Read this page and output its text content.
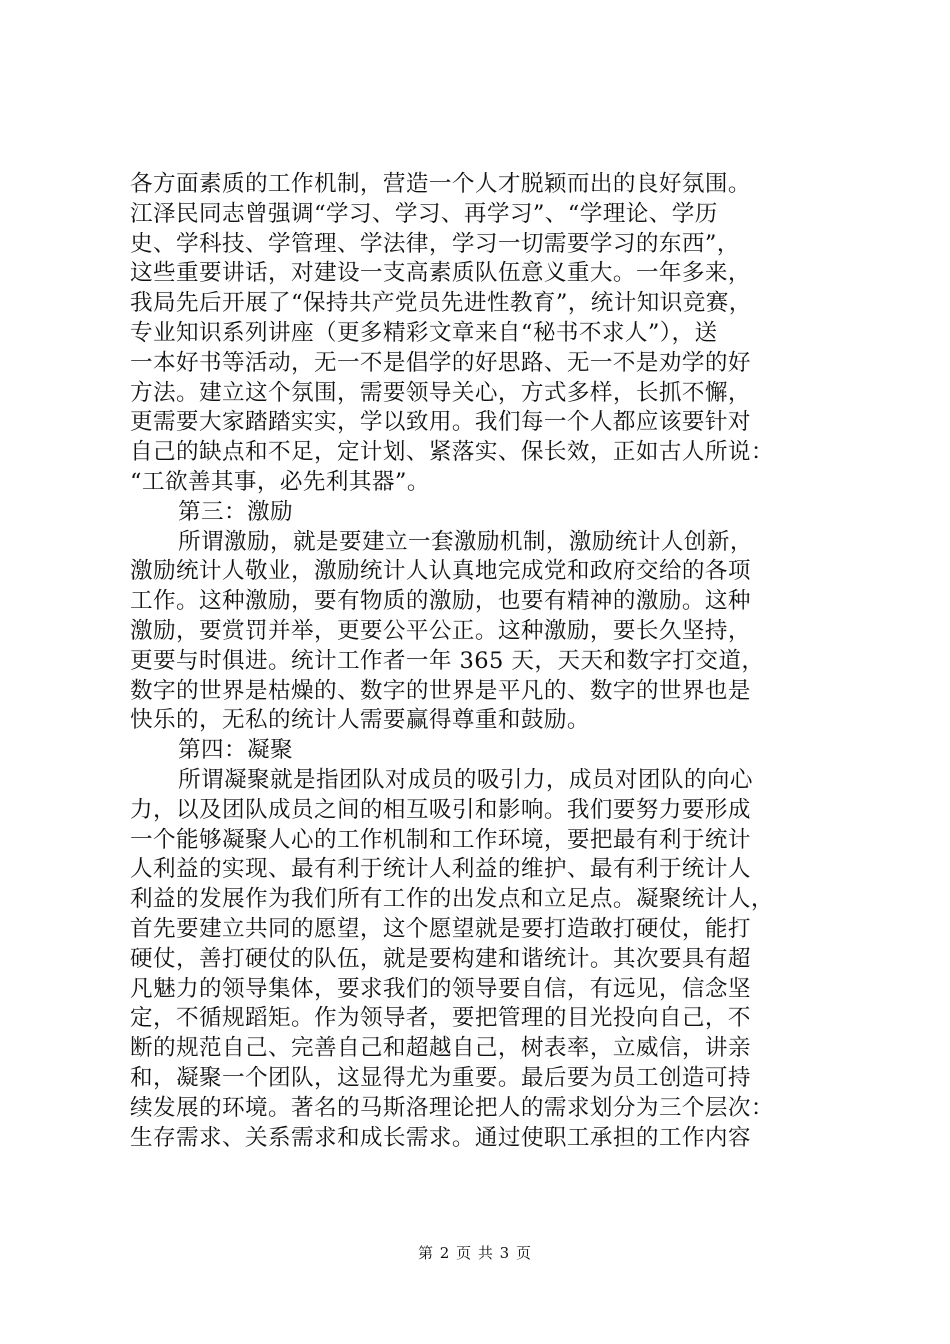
各方面素质的工作机制，营造一个人才脱颖而出的良好氛围。
江泽民同志曾强调“学习、学习、再学习”、“学理论、学历
史、学科技、学管理、学法律，学习一切需要学习的东西”，
这些重要讲话，对建设一支高素质队伍意义重大。一年多来，
我局先后开展了“保持共产党员先进性教育”，统计知识竞赛，
专业知识系列讲座（更多精彩文章来自“秘书不求人”），送
一本好书等活动，无一不是倡学的好思路、无一不是劝学的好
方法。建立这个氛围，需要领导关心，方式多样，长抓不懈，
更需要大家踏踏实实，学以致用。我们每一个人都应该要针对
自己的缺点和不足，定计划、紧落实、保长效，正如古人所说：
“工欲善其事，必先利其器”。
第三：激励
所谓激励，就是要建立一套激励机制，激励统计人创新，
激励统计人敬业，激励统计人认真地完成党和政府交给的各项
工作。这种激励，要有物质的激励，也要有精神的激励。这种
激励，要赏罚并举，更要公平公正。这种激励，要长久坚持，
更要与时俱进。统计工作者一年 365 天，天天和数字打交道，
数字的世界是枯燥的、数字的世界是平凡的、数字的世界也是
快乐的，无私的统计人需要赢得尊重和鼓励。
第四：凝聚
所谓凝聚就是指团队对成员的吸引力，成员对团队的向心
力，以及团队成员之间的相互吸引和影响。我们要努力要形成
一个能够凝聚人心的工作机制和工作环境，要把最有利于统计
人利益的实现、最有利于统计人利益的维护、最有利于统计人
利益的发展作为我们所有工作的出发点和立足点。凝聚统计人，
首先要建立共同的愿望，这个愿望就是要打造敢打硬仗，能打
硬仗，善打硬仗的队伍，就是要构建和谐统计。其次要具有超
凡魅力的领导集体，要求我们的领导要自信，有远见，信念坚
定，不循规蹈矩。作为领导者，要把管理的目光投向自己，不
断的规范自己、完善自己和超越自己，树表率，立威信，讲亲
和，凝聚一个团队，这显得尤为重要。最后要为员工创造可持
续发展的环境。著名的马斯洛理论把人的需求划分为三个层次：
生存需求、关系需求和成长需求。通过使职工承担的工作内容
第 2 页 共 3 页
